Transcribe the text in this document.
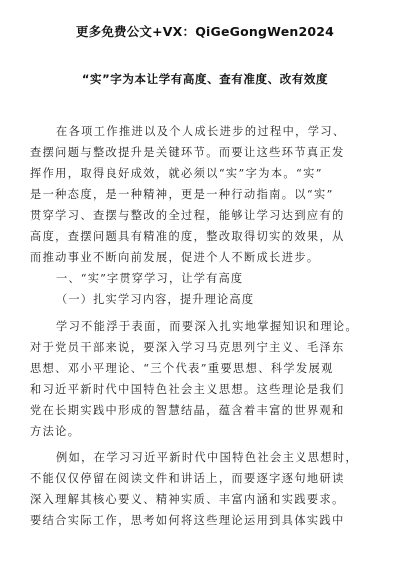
更多免费公文+VX：QiGeGongWen2024
“实”字为本让学有高度、查有准度、改有效度
在各项工作推进以及个人成长进步的过程中，学习、
查摆问题与整改提升是关键环节。而要让这些环节真正发
挥作用，取得良好成效，就必须以“实”字为本。“实”
是一种态度，是一种精神，更是一种行动指南。以“实”
贯穿学习、查摆与整改的全过程，能够让学习达到应有的
高度，查摆问题具有精准的度，整改取得切实的效果，从
而推动事业不断向前发展，促进个人不断成长进步。
一、“实”字贯穿学习，让学有高度
（一）扎实学习内容，提升理论高度
学习不能浮于表面，而要深入扎实地掌握知识和理论。
对于党员干部来说，要深入学习马克思列宁主义、毛泽东
思想、邓小平理论、“三个代表”重要思想、科学发展观
和习近平新时代中国特色社会主义思想。这些理论是我们
党在长期实践中形成的智慧结晶，蕴含着丰富的世界观和
方法论。
例如，在学习习近平新时代中国特色社会主义思想时，
不能仅仅停留在阅读文件和讲话上，而要逐字逐句地研读
深入理解其核心要义、精神实质、丰富内涵和实践要求。
要结合实际工作，思考如何将这些理论运用到具体实践中
